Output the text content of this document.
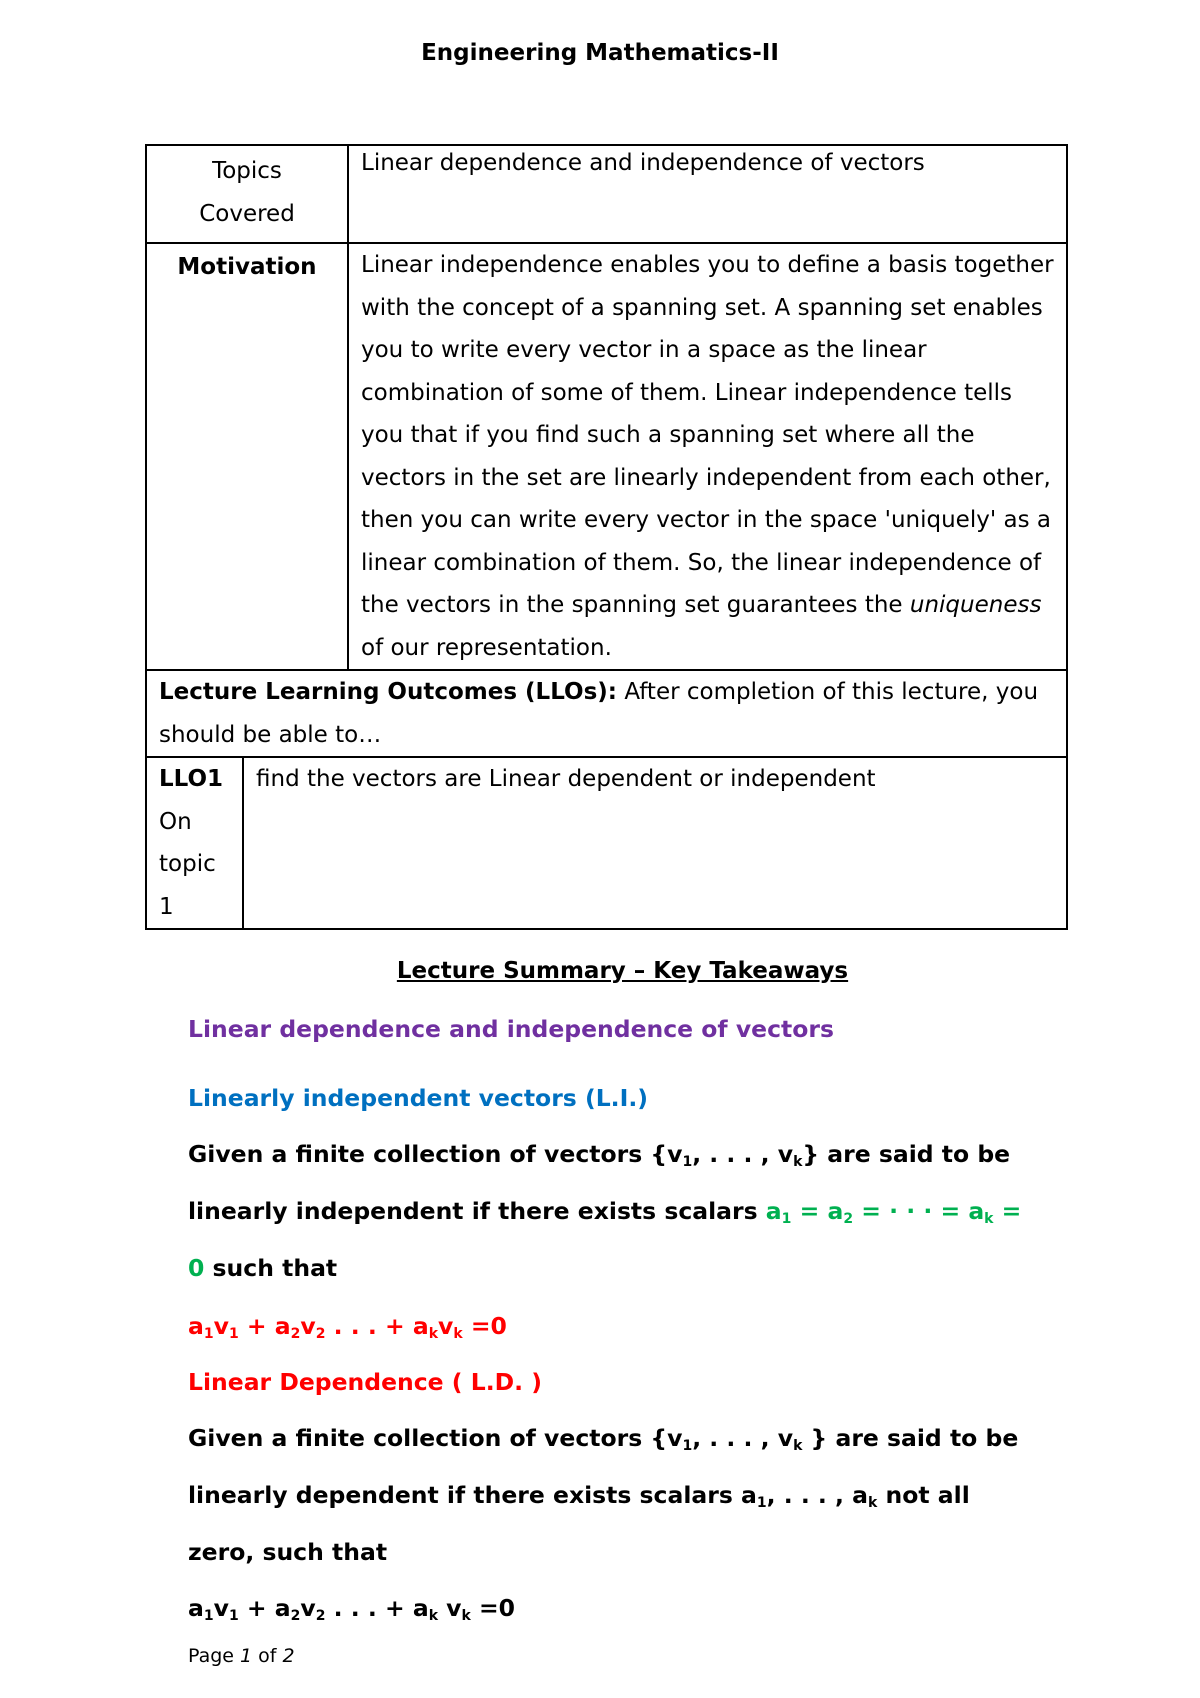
Engineering Mathematics-II
Topics
Covered
	Linear dependence and independence of vectors
Motivation	Linear independence enables you to define a basis together with the concept of a spanning set. A spanning set enables you to write every vector in a space as the linear combination of some of them. Linear independence tells you that if you find such a spanning set where all the vectors in the set are linearly independent from each other, then you can write every vector in the space 'uniquely' as a linear combination of them. So, the linear independence of the vectors in the spanning set guarantees the uniqueness of our representation.
Lecture Learning Outcomes (LLOs): After completion of this lecture, you should be able to…

LLO1
On
topic
1
	find the vectors are Linear dependent or independent
Lecture Summary – Key Takeaways
Linear dependence and independence of vectors
Linearly independent vectors (L.I.)
Given a finite collection of vectors {$v_1$, . . . , $v_k$} are said to be
linearly independent if there exists scalars $a_1 = a_2$ = · · · = $a_k$ =
0 such that
$a_1v_1 + a_2v_2$ . . . + $a_kv_k =0$
Linear Dependence ( L.D. )
Given a finite collection of vectors {$v_1$, . . . , $v_k$ } are said to be
linearly dependent if there exists scalars $a_1$, . . . , $a_k$ not all
zero, such that
$a_1v_1 + a_2v_2$ . . . + $a_k$ $v_k =0$
Page 1 of 2
